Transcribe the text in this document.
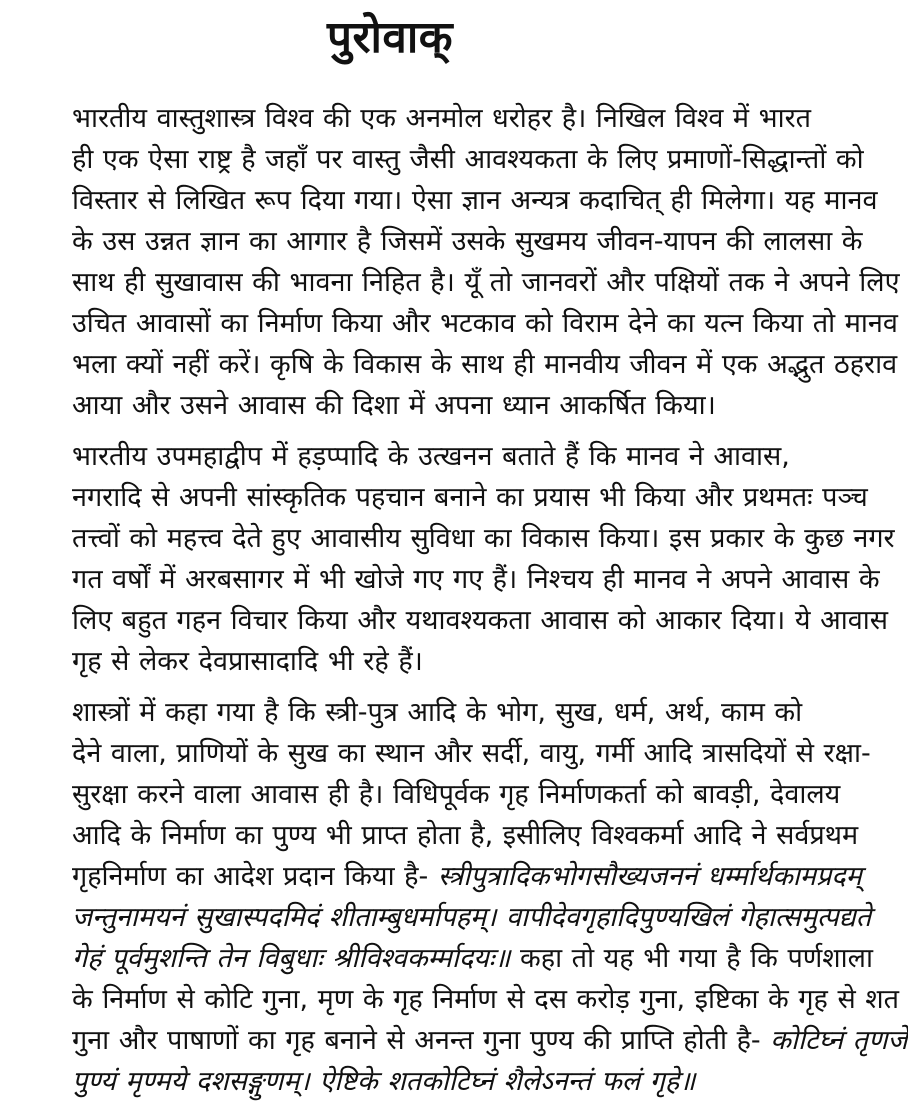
पुरोवाक्

भारतीय वास्तुशास्त्र विश्व की एक अनमोल धरोहर है। निखिल विश्व में भारत
ही एक ऐसा राष्ट्र है जहाँ पर वास्तु जैसी आवश्यकता के लिए प्रमाणों-सिद्धान्तों को
विस्तार से लिखित रूप दिया गया। ऐसा ज्ञान अन्यत्र कदाचित् ही मिलेगा। यह मानव
के उस उन्नत ज्ञान का आगार है जिसमें उसके सुखमय जीवन-यापन की लालसा के
साथ ही सुखावास की भावना निहित है। यूँ तो जानवरों और पक्षियों तक ने अपने लिए
उचित आवासों का निर्माण किया और भटकाव को विराम देने का यत्न किया तो मानव
भला क्यों नहीं करें। कृषि के विकास के साथ ही मानवीय जीवन में एक अद्भुत ठहराव
आया और उसने आवास की दिशा में अपना ध्यान आकर्षित किया।

भारतीय उपमहाद्वीप में हड़प्पादि के उत्खनन बताते हैं कि मानव ने आवास,
नगरादि से अपनी सांस्कृतिक पहचान बनाने का प्रयास भी किया और प्रथमतः पञ्च
तत्त्वों को महत्त्व देते हुए आवासीय सुविधा का विकास किया। इस प्रकार के कुछ नगर
गत वर्षों में अरबसागर में भी खोजे गए गए हैं। निश्चय ही मानव ने अपने आवास के
लिए बहुत गहन विचार किया और यथावश्यकता आवास को आकार दिया। ये आवास
गृह से लेकर देवप्रासादादि भी रहे हैं।

शास्त्रों में कहा गया है कि स्त्री-पुत्र आदि के भोग, सुख, धर्म, अर्थ, काम को
देने वाला, प्राणियों के सुख का स्थान और सर्दी, वायु, गर्मी आदि त्रासदियों से रक्षा-
सुरक्षा करने वाला आवास ही है। विधिपूर्वक गृह निर्माणकर्ता को बावड़ी, देवालय
आदि के निर्माण का पुण्य भी प्राप्त होता है, इसीलिए विश्वकर्मा आदि ने सर्वप्रथम
गृहनिर्माण का आदेश प्रदान किया है- स्त्रीपुत्रादिकभोगसौख्यजननं धर्म्मार्थकामप्रदम्
जन्तुनामयनं सुखास्पदमिदं शीताम्बुधर्मापहम्। वापीदेवगृहादिपुण्यखिलं गेहात्समुत्पद्यते
गेहं पूर्वमुशन्ति तेन विबुधाः श्रीविश्वकर्म्मादयः॥ कहा तो यह भी गया है कि पर्णशाला
के निर्माण से कोटि गुना, मृण के गृह निर्माण से दस करोड़ गुना, इष्टिका के गृह से शत
गुना और पाषाणों का गृह बनाने से अनन्त गुना पुण्य की प्राप्ति होती है- कोटिघ्नं तृणजे
पुण्यं मृण्मये दशसङ्गुणम्। ऐष्टिके शतकोटिघ्नं शैलेऽनन्तं फलं गृहे॥
